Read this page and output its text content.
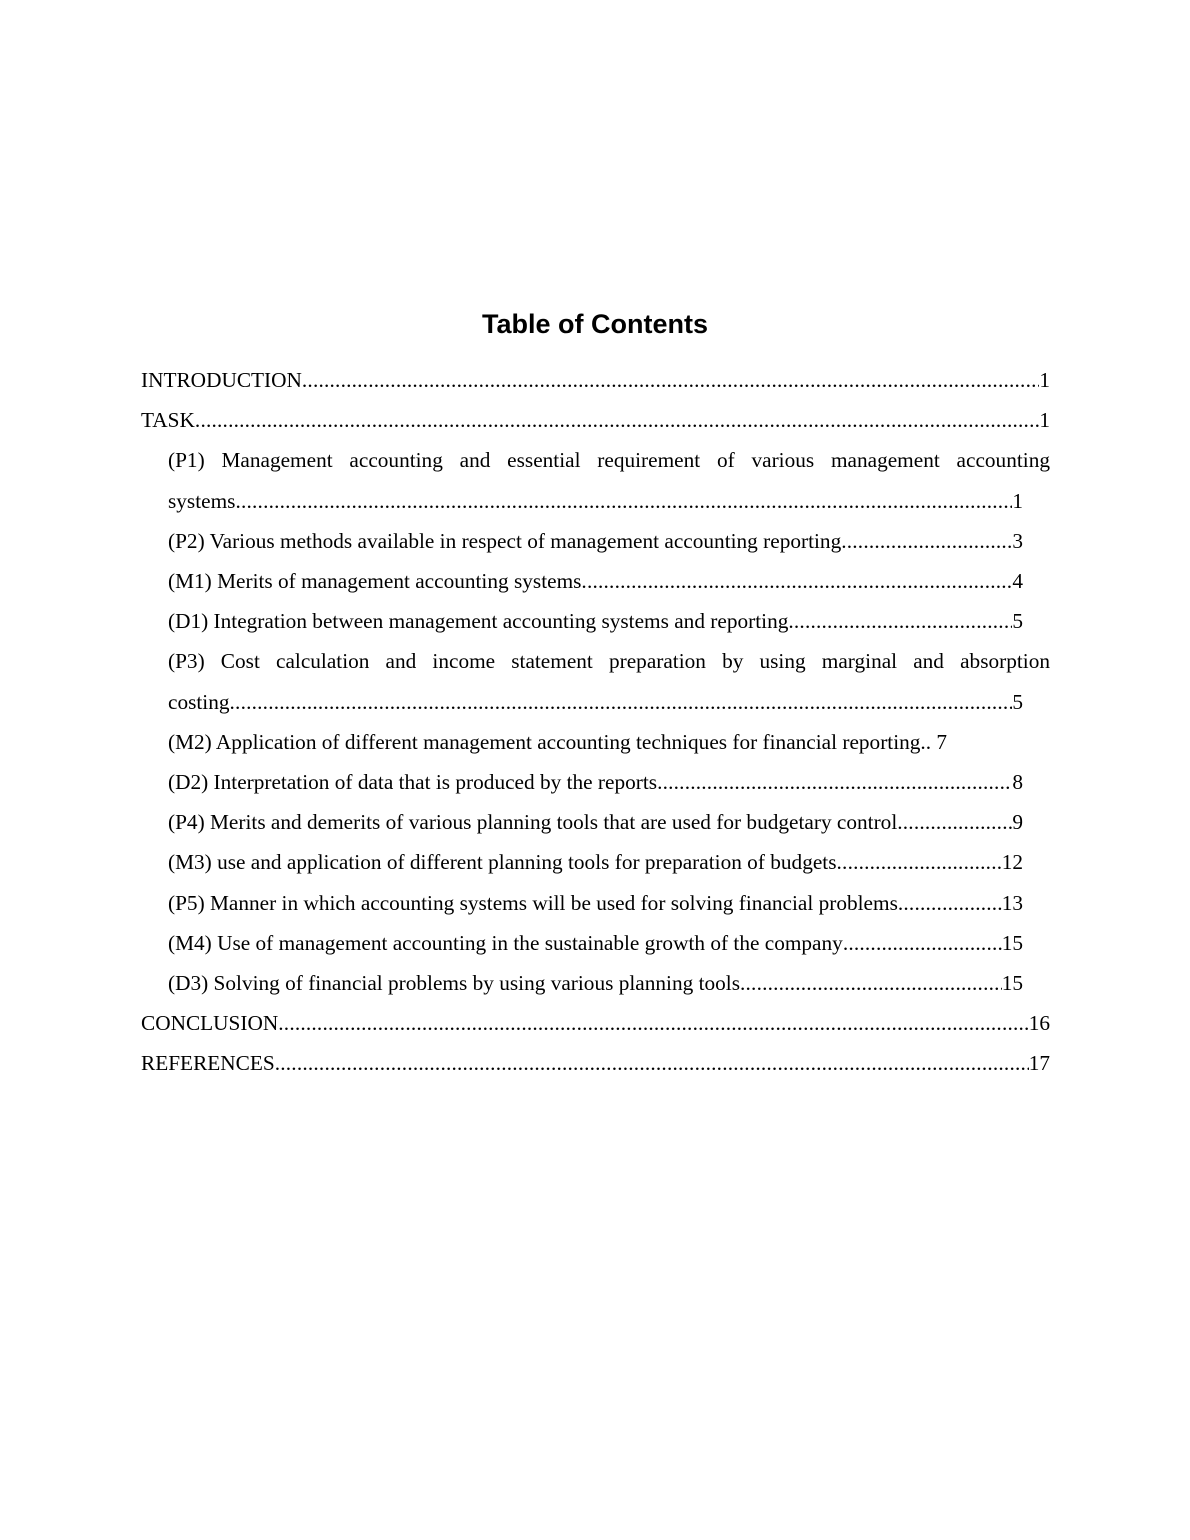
Table of Contents
INTRODUCTION .....	1
TASK .....	1
(P1) Management accounting and essential requirement of various management accounting
systems .....	1
(P2) Various methods available in respect of management accounting reporting .....	3
(M1) Merits of management accounting systems .....	4
(D1) Integration between management accounting systems and reporting .....	5
(P3) Cost calculation and income statement preparation by using marginal and absorption
costing .....	5
(M2) Application of different management accounting techniques for financial reporting.. 7
(D2) Interpretation of data that is produced by the reports .....	8
(P4) Merits and demerits of various planning tools that are used for budgetary control .....	9
(M3) use and application of different planning tools for preparation of budgets .....	12
(P5) Manner in which accounting systems will be used for solving financial problems .....	13
(M4) Use of management accounting in the sustainable growth of the company .....	15
(D3) Solving of financial problems by using various planning tools .....	15
CONCLUSION .....	16
REFERENCES .....	17
